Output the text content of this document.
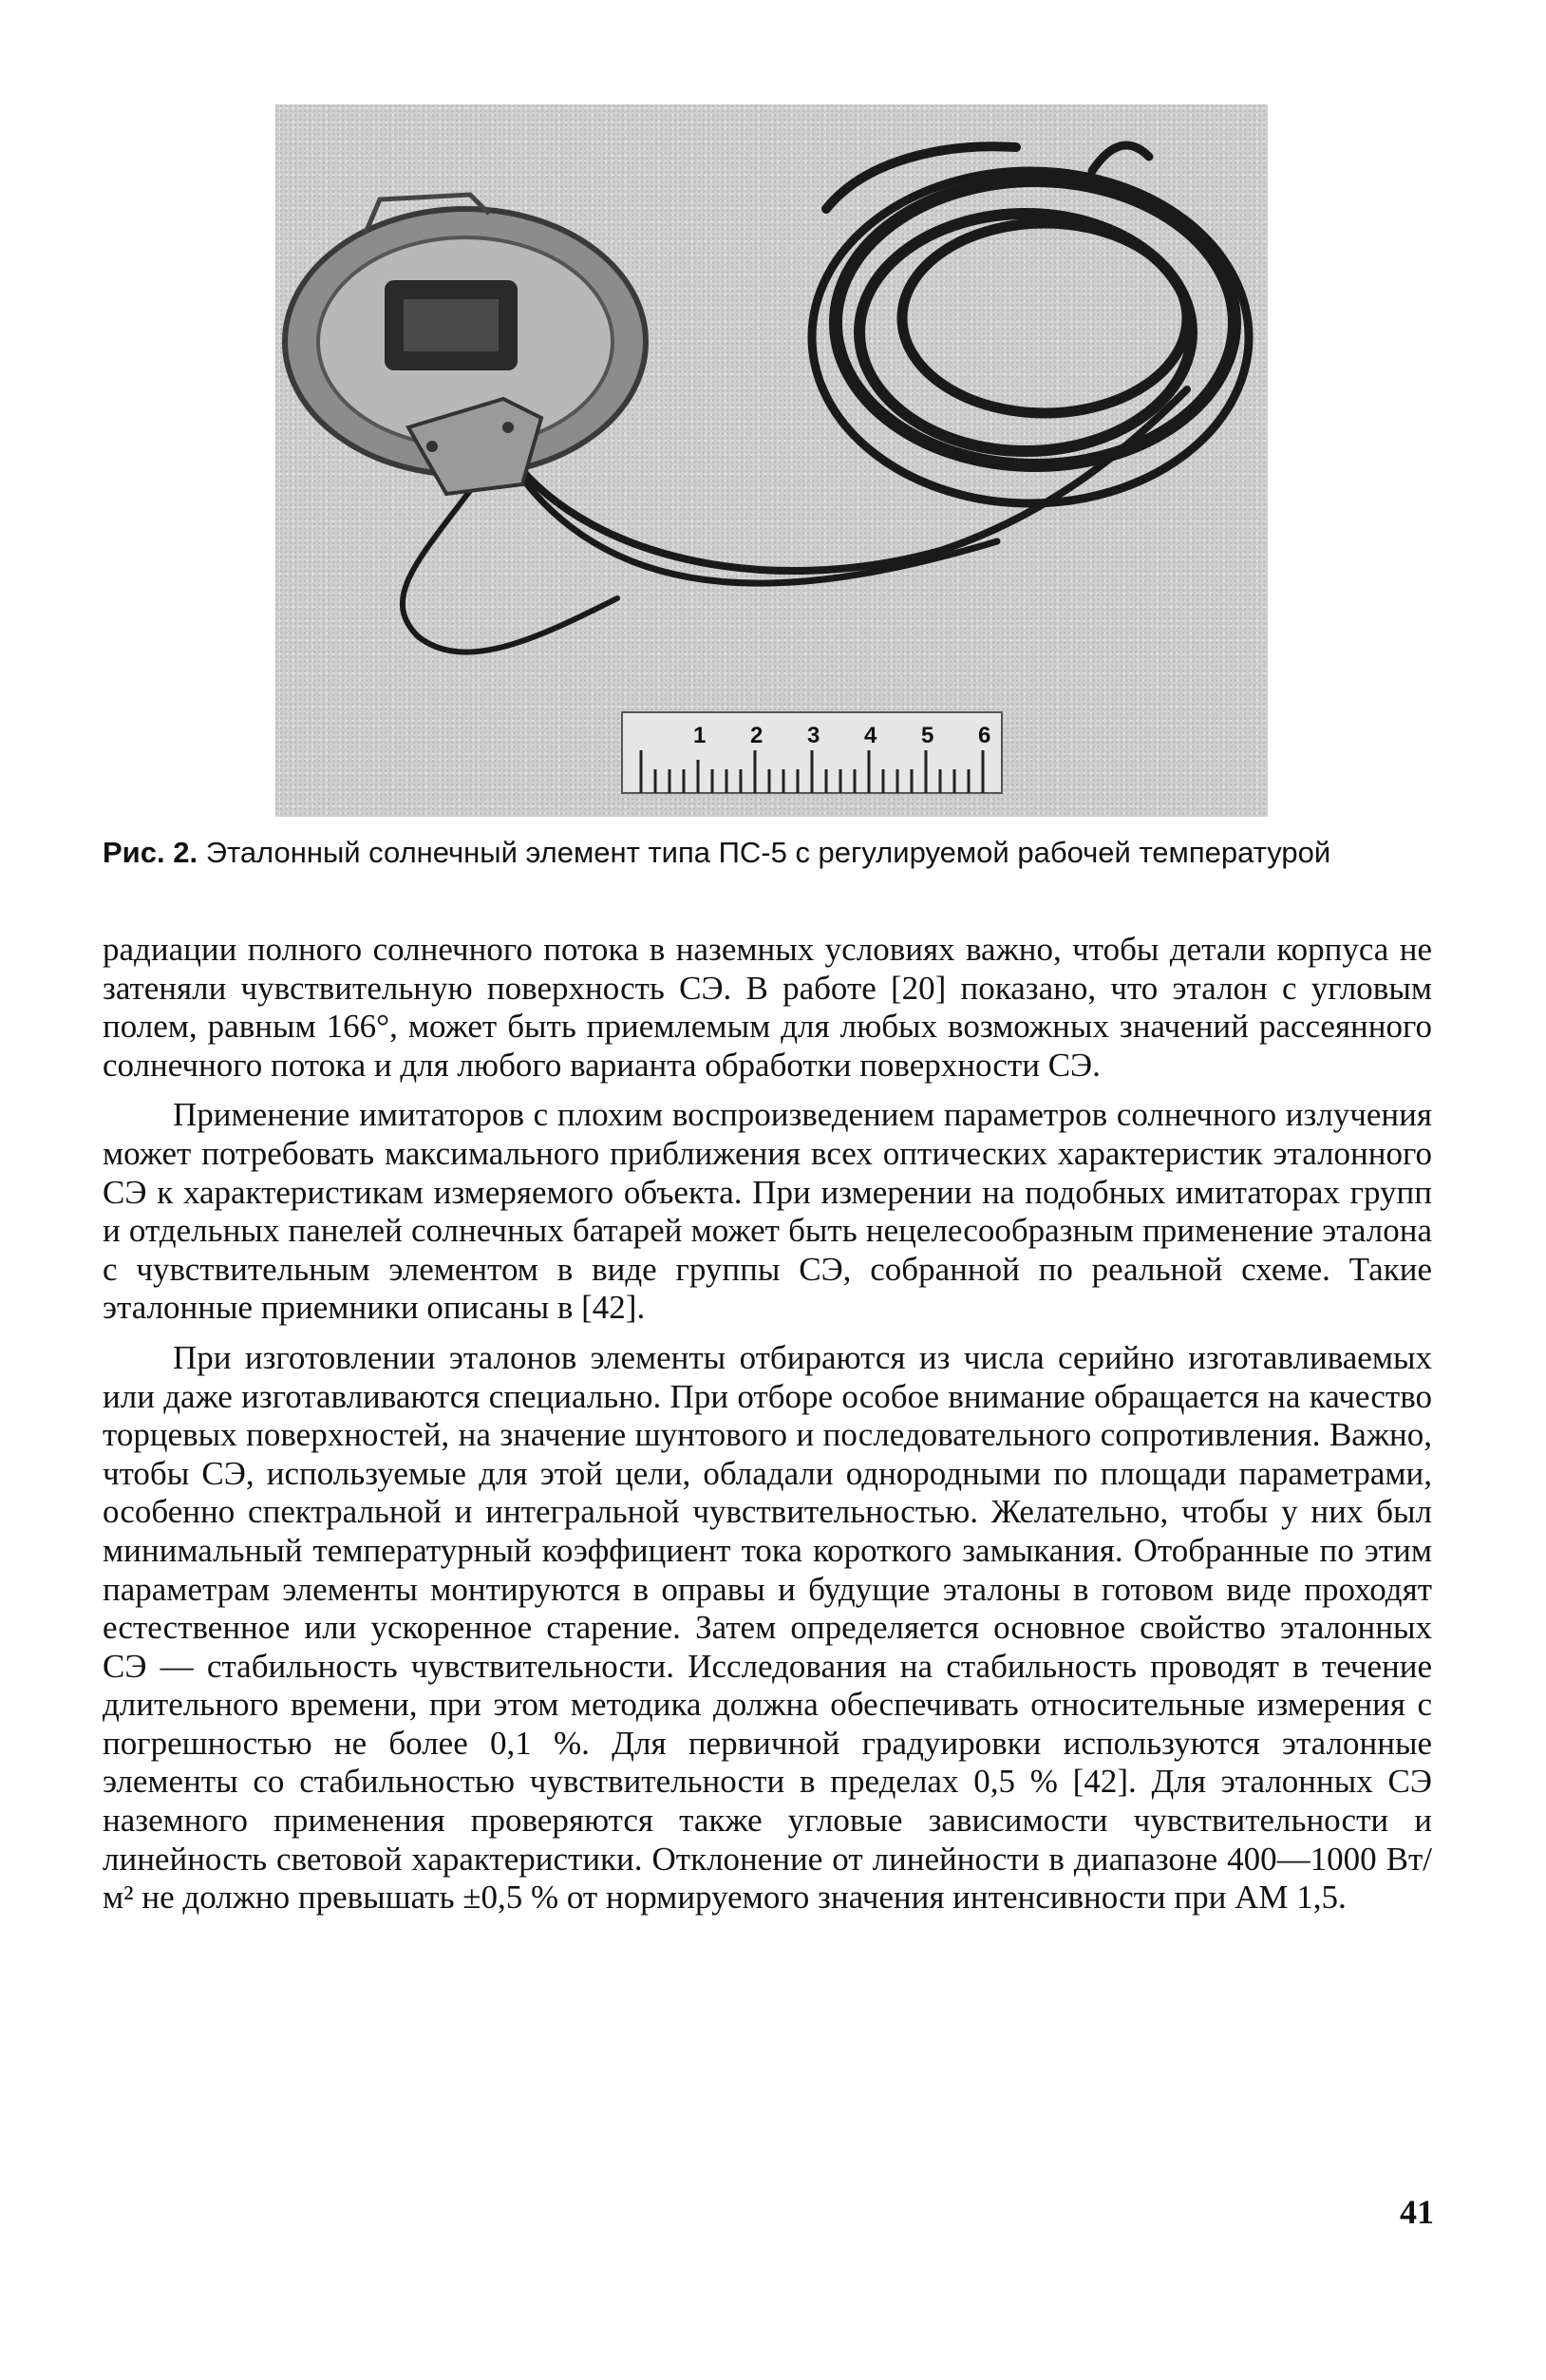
1 2 3 4 5 6
Рис. 2. Эталонный солнечный элемент типа ПС-5 с регулируемой рабочей температурой

радиации полного солнечного потока в наземных условиях важно, чтобы детали корпуса не затеняли чувствительную поверхность СЭ. В работе [20] показано, что эталон с угловым полем, равным 166°, может быть приемлемым для любых возможных значений рассеянного солнечного потока и для любого варианта обработки поверхности СЭ.

Применение имитаторов с плохим воспроизведением параметров солнечного излучения может потребовать максимального приближения всех оптических характеристик эталонного СЭ к характеристикам измеряемого объекта. При измерении на подобных имитаторах групп и отдельных панелей солнечных батарей может быть нецелесообразным применение эталона с чувствительным элементом в виде группы СЭ, собранной по реальной схеме. Такие эталонные приемники описаны в [42].

При изготовлении эталонов элементы отбираются из числа серийно изготавливаемых или даже изготавливаются специально. При отборе особое внимание обращается на качество торцевых поверхностей, на значение шунтового и последовательного сопротивления. Важно, чтобы СЭ, используемые для этой цели, обладали однородными по площади параметрами, особенно спектральной и интегральной чувствительностью. Желательно, чтобы у них был минимальный температурный коэффициент тока короткого замыкания. Отобранные по этим параметрам элементы монтируются в оправы и будущие эталоны в готовом виде проходят естественное или ускоренное старение. Затем определяется основное свойство эталонных СЭ — стабильность чувствительности. Исследования на стабильность проводят в течение длительного времени, при этом методика должна обеспечивать относительные измерения с погрешностью не более 0,1 %. Для первичной градуировки используются эталонные элементы со стабильностью чувствительности в пределах 0,5 % [42]. Для эталонных СЭ наземного применения проверяются также угловые зависимости чувствительности и линейность световой характеристики. Отклонение от линейности в диапазоне 400—1000 Вт/м² не должно превышать ±0,5 % от нормируемого значения интенсивности при АМ 1,5.

41
